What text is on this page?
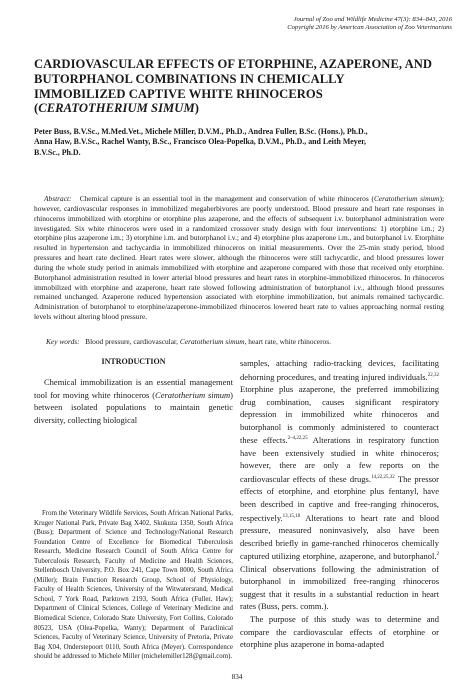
Journal of Zoo and Wildlife Medicine 47(3): 834–843, 2016
Copyright 2016 by American Association of Zoo Veterinarians
CARDIOVASCULAR EFFECTS OF ETORPHINE, AZAPERONE, AND
BUTORPHANOL COMBINATIONS IN CHEMICALLY
IMMOBILIZED CAPTIVE WHITE RHINOCEROS
(CERATOTHERIUM SIMUM)
Peter Buss, B.V.Sc., M.Med.Vet., Michele Miller, D.V.M., Ph.D., Andrea Fuller, B.Sc. (Hons.), Ph.D.,
Anna Haw, B.V.Sc., Rachel Wanty, B.Sc., Francisco Olea-Popelka, D.V.M., Ph.D., and Leith Meyer,
B.V.Sc., Ph.D.

Abstract: Chemical capture is an essential tool in the management and conservation of white rhinoceros (Ceratotherium simum); however, cardiovascular responses in immobilized megaherbivores are poorly understood. Blood pressure and heart rate responses in rhinoceros immobilized with etorphine or etorphine plus azaperone, and the effects of subsequent i.v. butorphanol administration were investigated. Six white rhinoceros were used in a randomized crossover study design with four interventions: 1) etorphine i.m.; 2) etorphine plus azaperone i.m.; 3) etorphine i.m. and butorphanol i.v.; and 4) etorphine plus azaperone i.m., and butorphanol i.v. Etorphine resulted in hypertension and tachycardia in immobilized rhinoceros on initial measurements. Over the 25-min study period, blood pressures and heart rate declined. Heart rates were slower, although the rhinoceros were still tachycardic, and blood pressures lower during the whole study period in animals immobilized with etorphine and azaperone compared with those that received only etorphine. Butorphanol administration resulted in lower arterial blood pressures and heart rates in etorphine-immobilized rhinoceros. In rhinoceros immobilized with etorphine and azaperone, heart rate slowed following administration of butorphanol i.v., although blood pressures remained unchanged. Azaperone reduced hypertension associated with etorphine immobilization, but animals remained tachycardic. Administration of butorphanol to etorphine/azaperone-immobilized rhinoceros lowered heart rate to values approaching normal resting levels without altering blood pressure.

Key words: Blood pressure, cardiovascular, Ceratotherium simum, heart rate, white rhinoceros.
INTRODUCTION

Chemical immobilization is an essential management tool for moving white rhinoceros (Ceratotherium simum) between isolated populations to maintain genetic diversity, collecting biological

From the Veterinary Wildlife Services, South African National Parks, Kruger National Park, Private Bag X402, Skukuza 1350, South Africa (Buss); Department of Science and Technology/National Research Foundation Centre of Excellence for Biomedical Tuberculosis Research, Medicine Research Council of South Africa Centre for Tuberculosis Research, Faculty of Medicine and Health Sciences, Stellenbosch University, P.O. Box 241, Cape Town 8000, South Africa (Miller); Brain Function Research Group, School of Physiology, Faculty of Health Sciences, University of the Witwatersrand, Medical School, 7 York Road, Parktown 2193, South Africa (Fuller, Haw); Department of Clinical Sciences, College of Veterinary Medicine and Biomedical Science, Colorado State University, Fort Collins, Colorado 80523, USA (Olea-Popelka, Wanty); Department of Paraclinical Sciences, Faculty of Veterinary Science, University of Pretoria, Private Bag X04, Onderstepoort 0110, South Africa (Meyer). Correspondence should be addressed to Michele Miller (michelemiller128@gmail.com).

samples, attaching radio-tracking devices, facilitating dehorning procedures, and treating injured individuals.$^{22,32}$ Etorphine plus azaperone, the preferred immobilizing drug combination, causes significant respiratory depression in immobilized white rhinoceros and butorphanol is commonly administered to counteract these effects.$^{2-4,22,25}$ Alterations in respiratory function have been extensively studied in white rhinoceros; however, there are only a few reports on the cardiovascular effects of these drugs.$^{14,22,25,32}$ The pressor effects of etorphine, and etorphine plus fentanyl, have been described in captive and free-ranging rhinoceros, respectively.$^{13,15,18}$ Alterations to heart rate and blood pressure, measured noninvasively, also have been described briefly in game-ranched rhinoceros chemically captured utilizing etorphine, azaperone, and butorphanol.$^2$ Clinical observations following the administration of butorphanol in immobilized free-ranging rhinoceros suggest that it results in a substantial reduction in heart rates (Buss, pers. comm.).

The purpose of this study was to determine and compare the cardiovascular effects of etorphine or etorphine plus azaperone in boma-adapted

834
